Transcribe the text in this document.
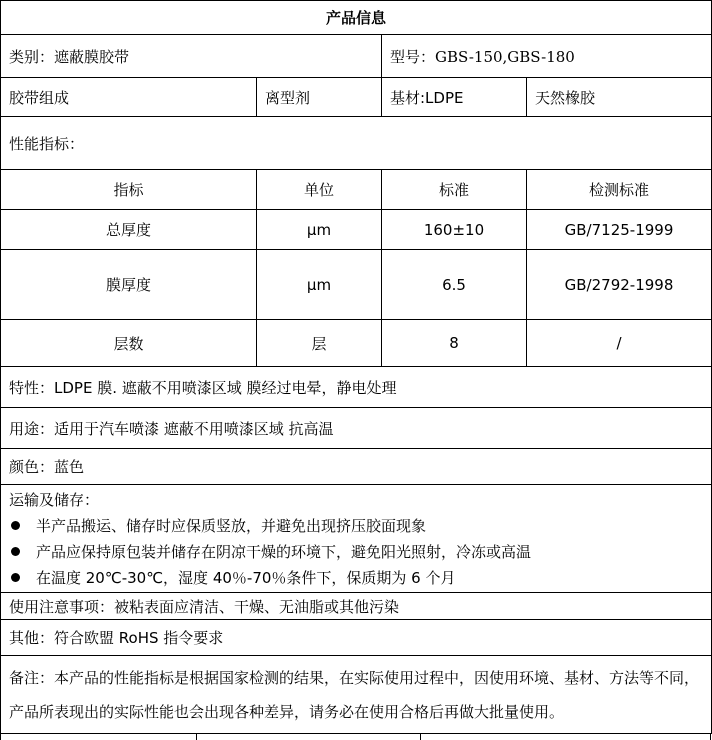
产品信息			
类别：遮蔽膜胶带		型号：GBS-150,GBS-180	
胶带组成	离型剂	基材:LDPE	天然橡胶
性能指标：			
指标	单位	标准	检测标准
总厚度	μm	160±10	GB/7125-1999
膜厚度	μm	6.5	GB/2792-1998
层数	层	8	/
特性：LDPE 膜. 遮蔽不用喷漆区域 膜经过电晕，静电处理			
用途：适用于汽车喷漆 遮蔽不用喷漆区域 抗高温			
颜色：蓝色			

运输及储存：
半产品搬运、储存时应保质竖放，并避免出现挤压胶面现象
产品应保持原包装并储存在阴凉干燥的环境下，避免阳光照射，冷冻或高温
在温度 20℃-30℃，湿度 40％-70％条件下，保质期为 6 个月			

使用注意事项：被粘表面应清洁、干燥、无油脂或其他污染			
其他：符合欧盟 RoHS 指令要求			
备注：本产品的性能指标是根据国家检测的结果，在实际使用过程中，因使用环境、基材、方法等不同，产品所表现出的实际性能也会出现各种差异，请务必在使用合格后再做大批量使用。			
